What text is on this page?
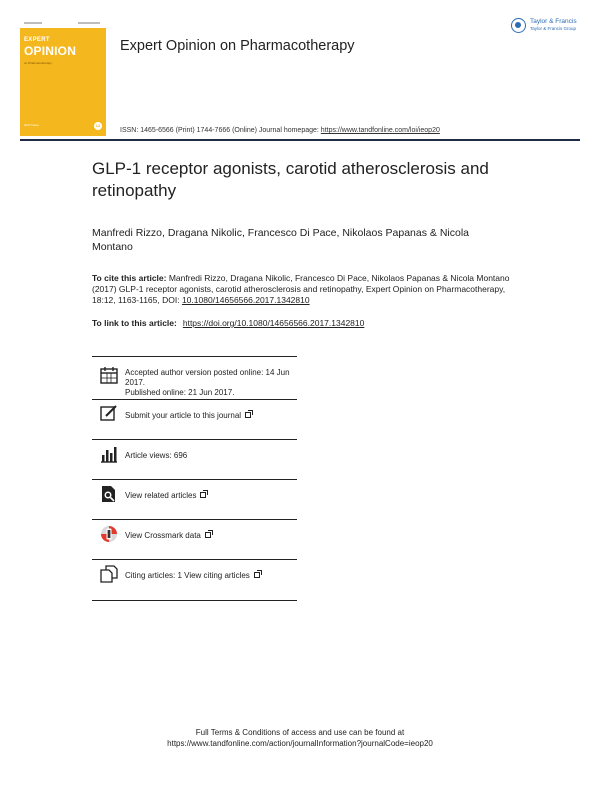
EXPERT
OPINION
on Pharmacotherapy
2017 Issue	12
Expert Opinion on Pharmacotherapy
Taylor & Francis
Taylor & Francis Group
ISSN: 1465-6566 (Print) 1744-7666 (Online) Journal homepage: https://www.tandfonline.com/loi/ieop20
GLP-1 receptor agonists, carotid atherosclerosis and retinopathy
Manfredi Rizzo, Dragana Nikolic, Francesco Di Pace, Nikolaos Papanas & Nicola Montano
To cite this article: Manfredi Rizzo, Dragana Nikolic, Francesco Di Pace, Nikolaos Papanas & Nicola Montano (2017) GLP-1 receptor agonists, carotid atherosclerosis and retinopathy, Expert Opinion on Pharmacotherapy, 18:12, 1163-1165, DOI: 10.1080/14656566.2017.1342810
To link to this article: https://doi.org/10.1080/14656566.2017.1342810
Accepted author version posted online: 14 Jun 2017.
Published online: 21 Jun 2017.
Submit your article to this journal
Article views: 696
View related articles
View Crossmark data
Citing articles: 1 View citing articles
Full Terms & Conditions of access and use can be found at
https://www.tandfonline.com/action/journalInformation?journalCode=ieop20
